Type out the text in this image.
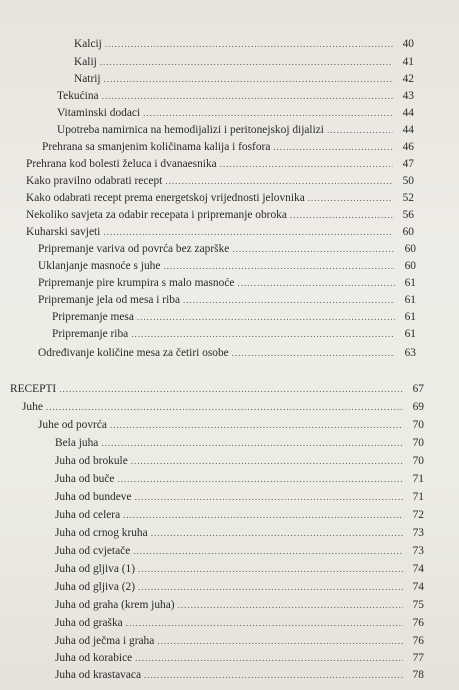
Kalcij .....	40
Kalij .....	41
Natrij .....	42
Tekućina .....	43
Vitaminski dodaci .....	44
Upotreba namirnica na hemodijalizi i peritonejskoj dijalizi .....	44
Prehrana sa smanjenim količinama kalija i fosfora .....	46
Prehrana kod bolesti želuca i dvanaesnika .....	47
Kako pravilno odabrati recept .....	50
Kako odabrati recept prema energetskoj vrijednosti jelovnika .....	52
Nekoliko savjeta za odabir recepata i pripremanje obroka .....	56
Kuharski savjeti .....	60
Pripremanje variva od povrća bez zaprške .....	60
Uklanjanje masnoće s juhe .....	60
Pripremanje pire krumpira s malo masnoće .....	61
Pripremanje jela od mesa i riba .....	61
Pripremanje mesa .....	61
Pripremanje riba .....	61
Određivanje količine mesa za četiri osobe .....	63
RECEPTI .....	67
Juhe .....	69
Juhe od povrća .....	70
Bela juha .....	70
Juha od brokule .....	70
Juha od buče .....	71
Juha od bundeve .....	71
Juha od celera .....	72
Juha od crnog kruha .....	73
Juha od cvjetače .....	73
Juha od gljiva (1) .....	74
Juha od gljiva (2) .....	74
Juha od graha (krem juha) .....	75
Juha od graška .....	76
Juha od ječma i graha .....	76
Juha od korabice .....	77
Juha od krastavaca .....	78
